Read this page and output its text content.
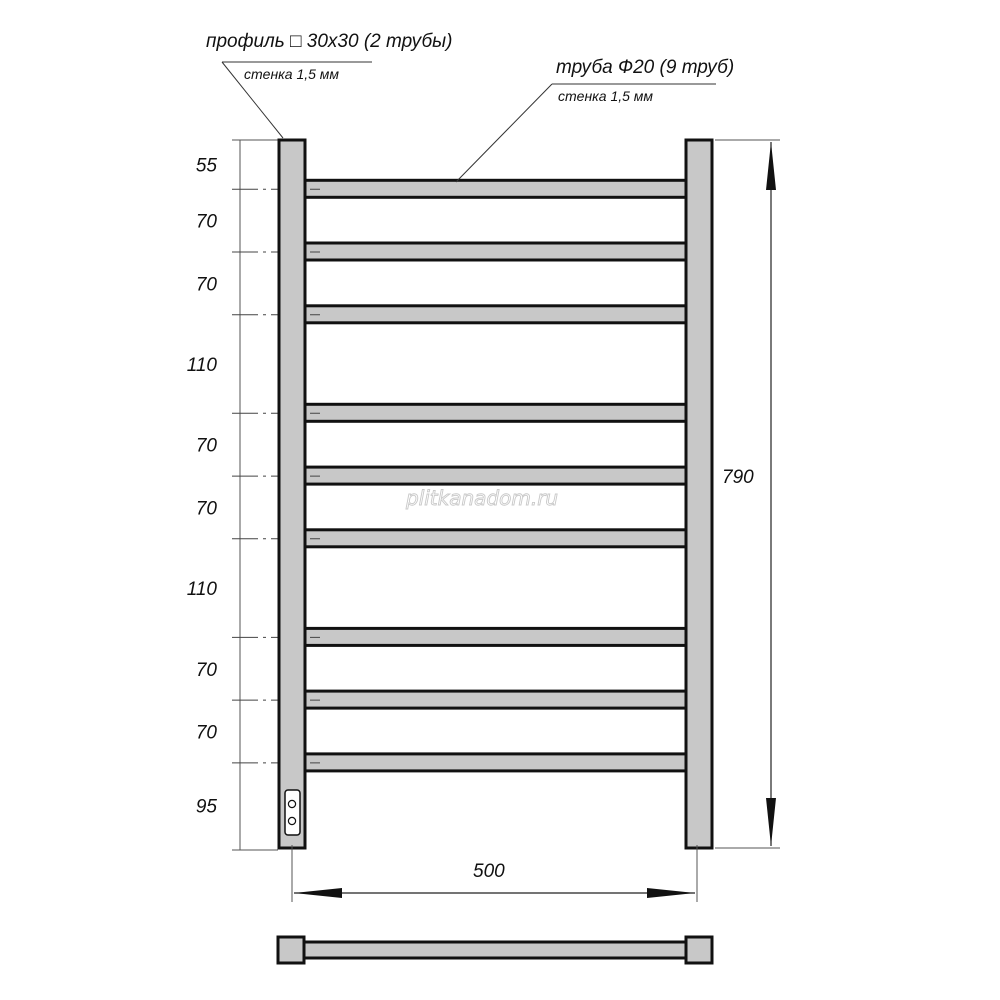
55
70
70
110
70
70
110
70
70
95
профиль □ 30х30 (2 трубы)
стенка 1,5 мм	труба Ф20 (9 труб)
стенка 1,5 мм
790
500
plitkanadom.ru
